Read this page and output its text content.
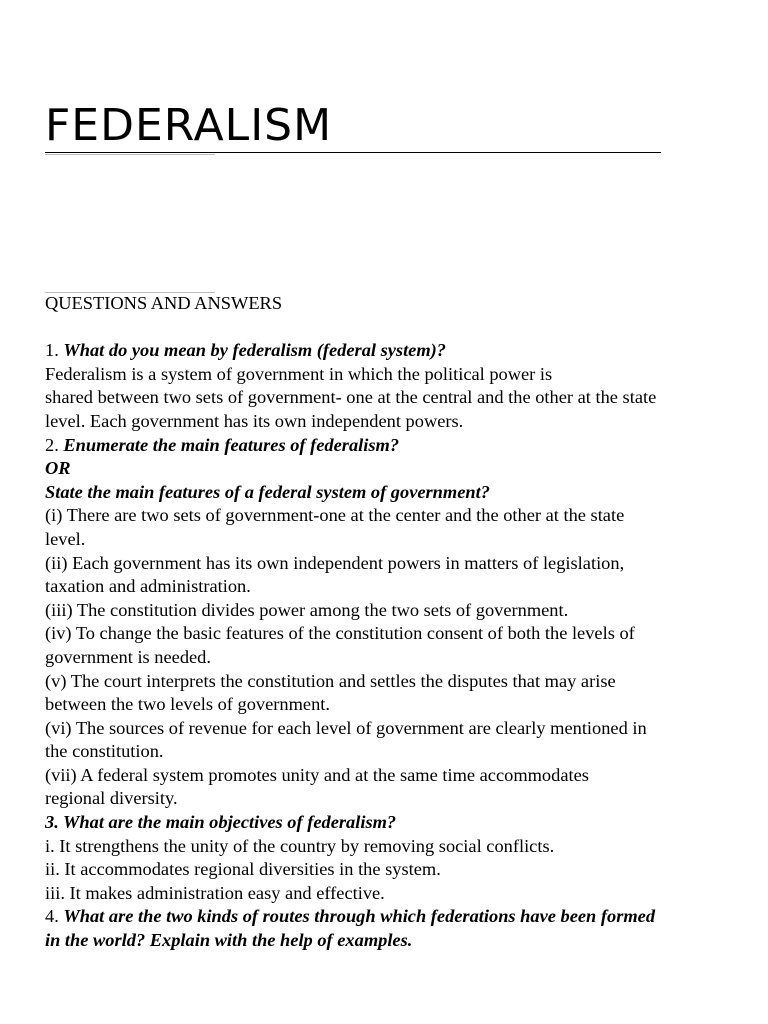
FEDERALISM

QUESTIONS AND ANSWERS

1. What do you mean by federalism (federal system)?

Federalism is a system of government in which the political power is

shared between two sets of government- one at the central and the other at the state

level. Each government has its own independent powers.

2. Enumerate the main features of federalism?

OR

State the main features of a federal system of government?

(i) There are two sets of government-one at the center and the other at the state

level.

(ii) Each government has its own independent powers in matters of legislation,

taxation and administration.

(iii) The constitution divides power among the two sets of government.

(iv) To change the basic features of the constitution consent of both the levels of

government is needed.

(v) The court interprets the constitution and settles the disputes that may arise

between the two levels of government.

(vi) The sources of revenue for each level of government are clearly mentioned in

the constitution.

(vii) A federal system promotes unity and at the same time accommodates

regional diversity.

3. What are the main objectives of federalism?

i. It strengthens the unity of the country by removing social conflicts.

ii. It accommodates regional diversities in the system.

iii. It makes administration easy and effective.

4. What are the two kinds of routes through which federations have been formed

in the world? Explain with the help of examples.
